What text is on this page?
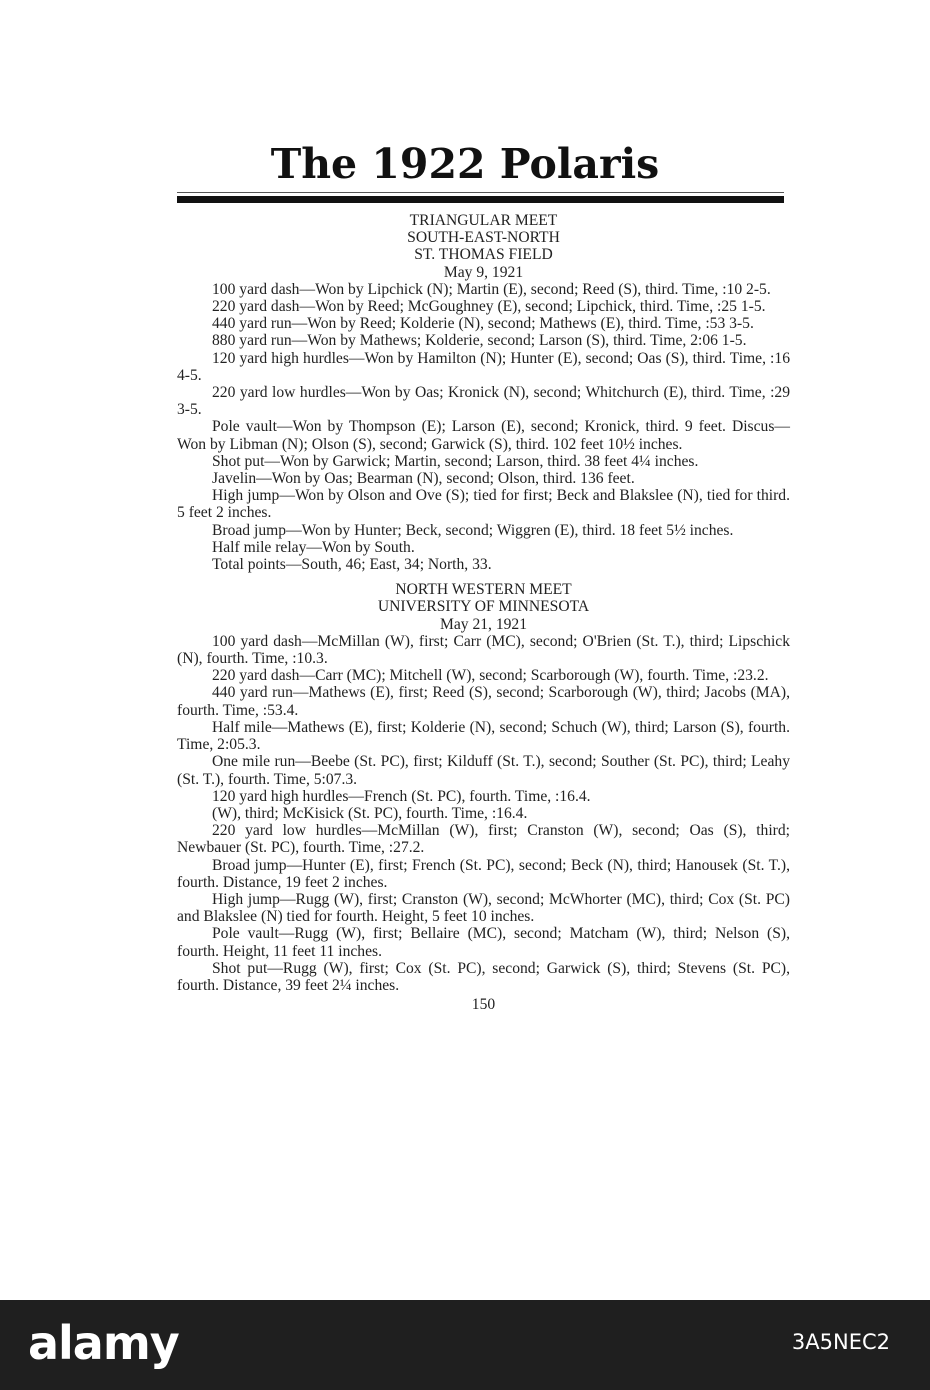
The 1922 Polaris

TRIANGULAR MEET

SOUTH-EAST-NORTH

ST. THOMAS FIELD

May 9, 1921

100 yard dash—Won by Lipchick (N); Martin (E), second; Reed (S), third. Time, :10 2-5.

220 yard dash—Won by Reed; McGoughney (E), second; Lipchick, third. Time, :25 1-5.

440 yard run—Won by Reed; Kolderie (N), second; Mathews (E), third. Time, :53 3-5.

880 yard run—Won by Mathews; Kolderie, second; Larson (S), third. Time, 2:06 1-5.

120 yard high hurdles—Won by Hamilton (N); Hunter (E), second; Oas (S), third. Time, :16 4-5.

220 yard low hurdles—Won by Oas; Kronick (N), second; Whitchurch (E), third. Time, :29 3-5.

Pole vault—Won by Thompson (E); Larson (E), second; Kronick, third. 9 feet. Discus—Won by Libman (N); Olson (S), second; Garwick (S), third. 102 feet 10½ inches.

Shot put—Won by Garwick; Martin, second; Larson, third. 38 feet 4¼ inches.

Javelin—Won by Oas; Bearman (N), second; Olson, third. 136 feet.

High jump—Won by Olson and Ove (S); tied for first; Beck and Blakslee (N), tied for third. 5 feet 2 inches.

Broad jump—Won by Hunter; Beck, second; Wiggren (E), third. 18 feet 5½ inches.

Half mile relay—Won by South.

Total points—South, 46; East, 34; North, 33.

NORTH WESTERN MEET

UNIVERSITY OF MINNESOTA

May 21, 1921

100 yard dash—McMillan (W), first; Carr (MC), second; O'Brien (St. T.), third; Lipschick (N), fourth. Time, :10.3.

220 yard dash—Carr (MC); Mitchell (W), second; Scarborough (W), fourth. Time, :23.2.

440 yard run—Mathews (E), first; Reed (S), second; Scarborough (W), third; Jacobs (MA), fourth. Time, :53.4.

Half mile—Mathews (E), first; Kolderie (N), second; Schuch (W), third; Larson (S), fourth. Time, 2:05.3.

One mile run—Beebe (St. PC), first; Kilduff (St. T.), second; Souther (St. PC), third; Leahy (St. T.), fourth. Time, 5:07.3.

120 yard high hurdles—French (St. PC), fourth. Time, :16.4.

(W), third; McKisick (St. PC), fourth. Time, :16.4.

220 yard low hurdles—McMillan (W), first; Cranston (W), second; Oas (S), third; Newbauer (St. PC), fourth. Time, :27.2.

Broad jump—Hunter (E), first; French (St. PC), second; Beck (N), third; Hanousek (St. T.), fourth. Distance, 19 feet 2 inches.

High jump—Rugg (W), first; Cranston (W), second; McWhorter (MC), third; Cox (St. PC) and Blakslee (N) tied for fourth. Height, 5 feet 10 inches.

Pole vault—Rugg (W), first; Bellaire (MC), second; Matcham (W), third; Nelson (S), fourth. Height, 11 feet 11 inches.

Shot put—Rugg (W), first; Cox (St. PC), second; Garwick (S), third; Stevens (St. PC), fourth. Distance, 39 feet 2¼ inches.

150
alamy	3A5NEC2
